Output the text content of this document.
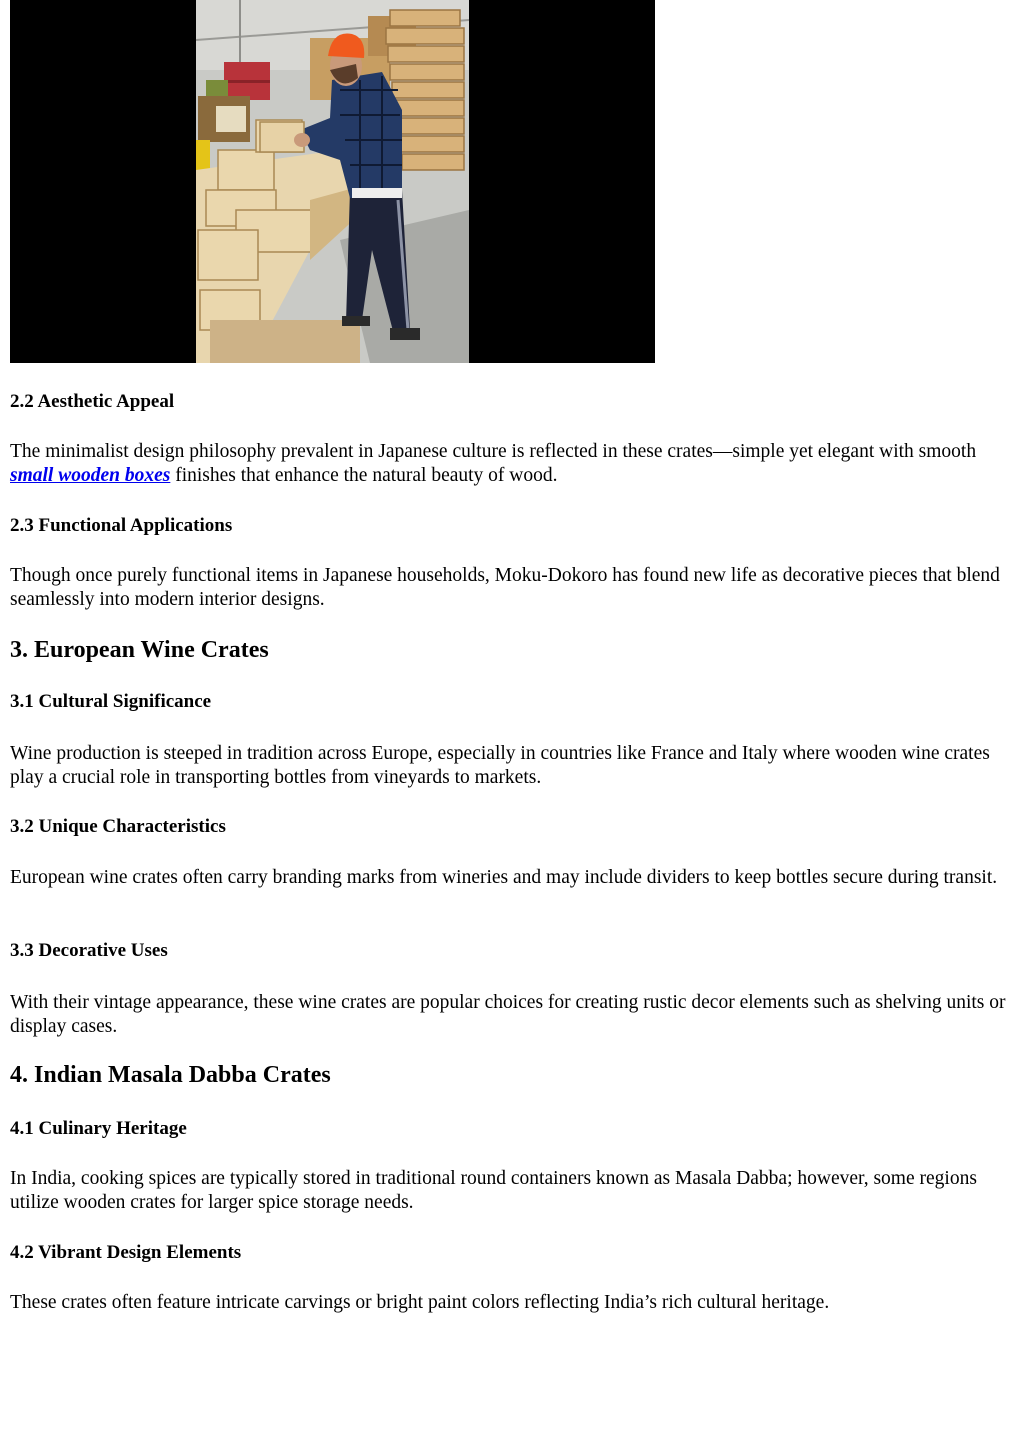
2.2 Aesthetic Appeal

The minimalist design philosophy prevalent in Japanese culture is reflected in these crates—simple yet elegant with smooth small wooden boxes finishes that enhance the natural beauty of wood.

2.3 Functional Applications

Though once purely functional items in Japanese households, Moku-Dokoro has found new life as decorative pieces that blend seamlessly into modern interior designs.

3. European Wine Crates
3.1 Cultural Significance

Wine production is steeped in tradition across Europe, especially in countries like France and Italy where wooden wine crates play a crucial role in transporting bottles from vineyards to markets.

3.2 Unique Characteristics

European wine crates often carry branding marks from wineries and may include dividers to keep bottles secure during transit.

3.3 Decorative Uses

With their vintage appearance, these wine crates are popular choices for creating rustic decor elements such as shelving units or display cases.

4. Indian Masala Dabba Crates
4.1 Culinary Heritage

In India, cooking spices are typically stored in traditional round containers known as Masala Dabba; however, some regions utilize wooden crates for larger spice storage needs.

4.2 Vibrant Design Elements

These crates often feature intricate carvings or bright paint colors reflecting India’s rich cultural heritage.
